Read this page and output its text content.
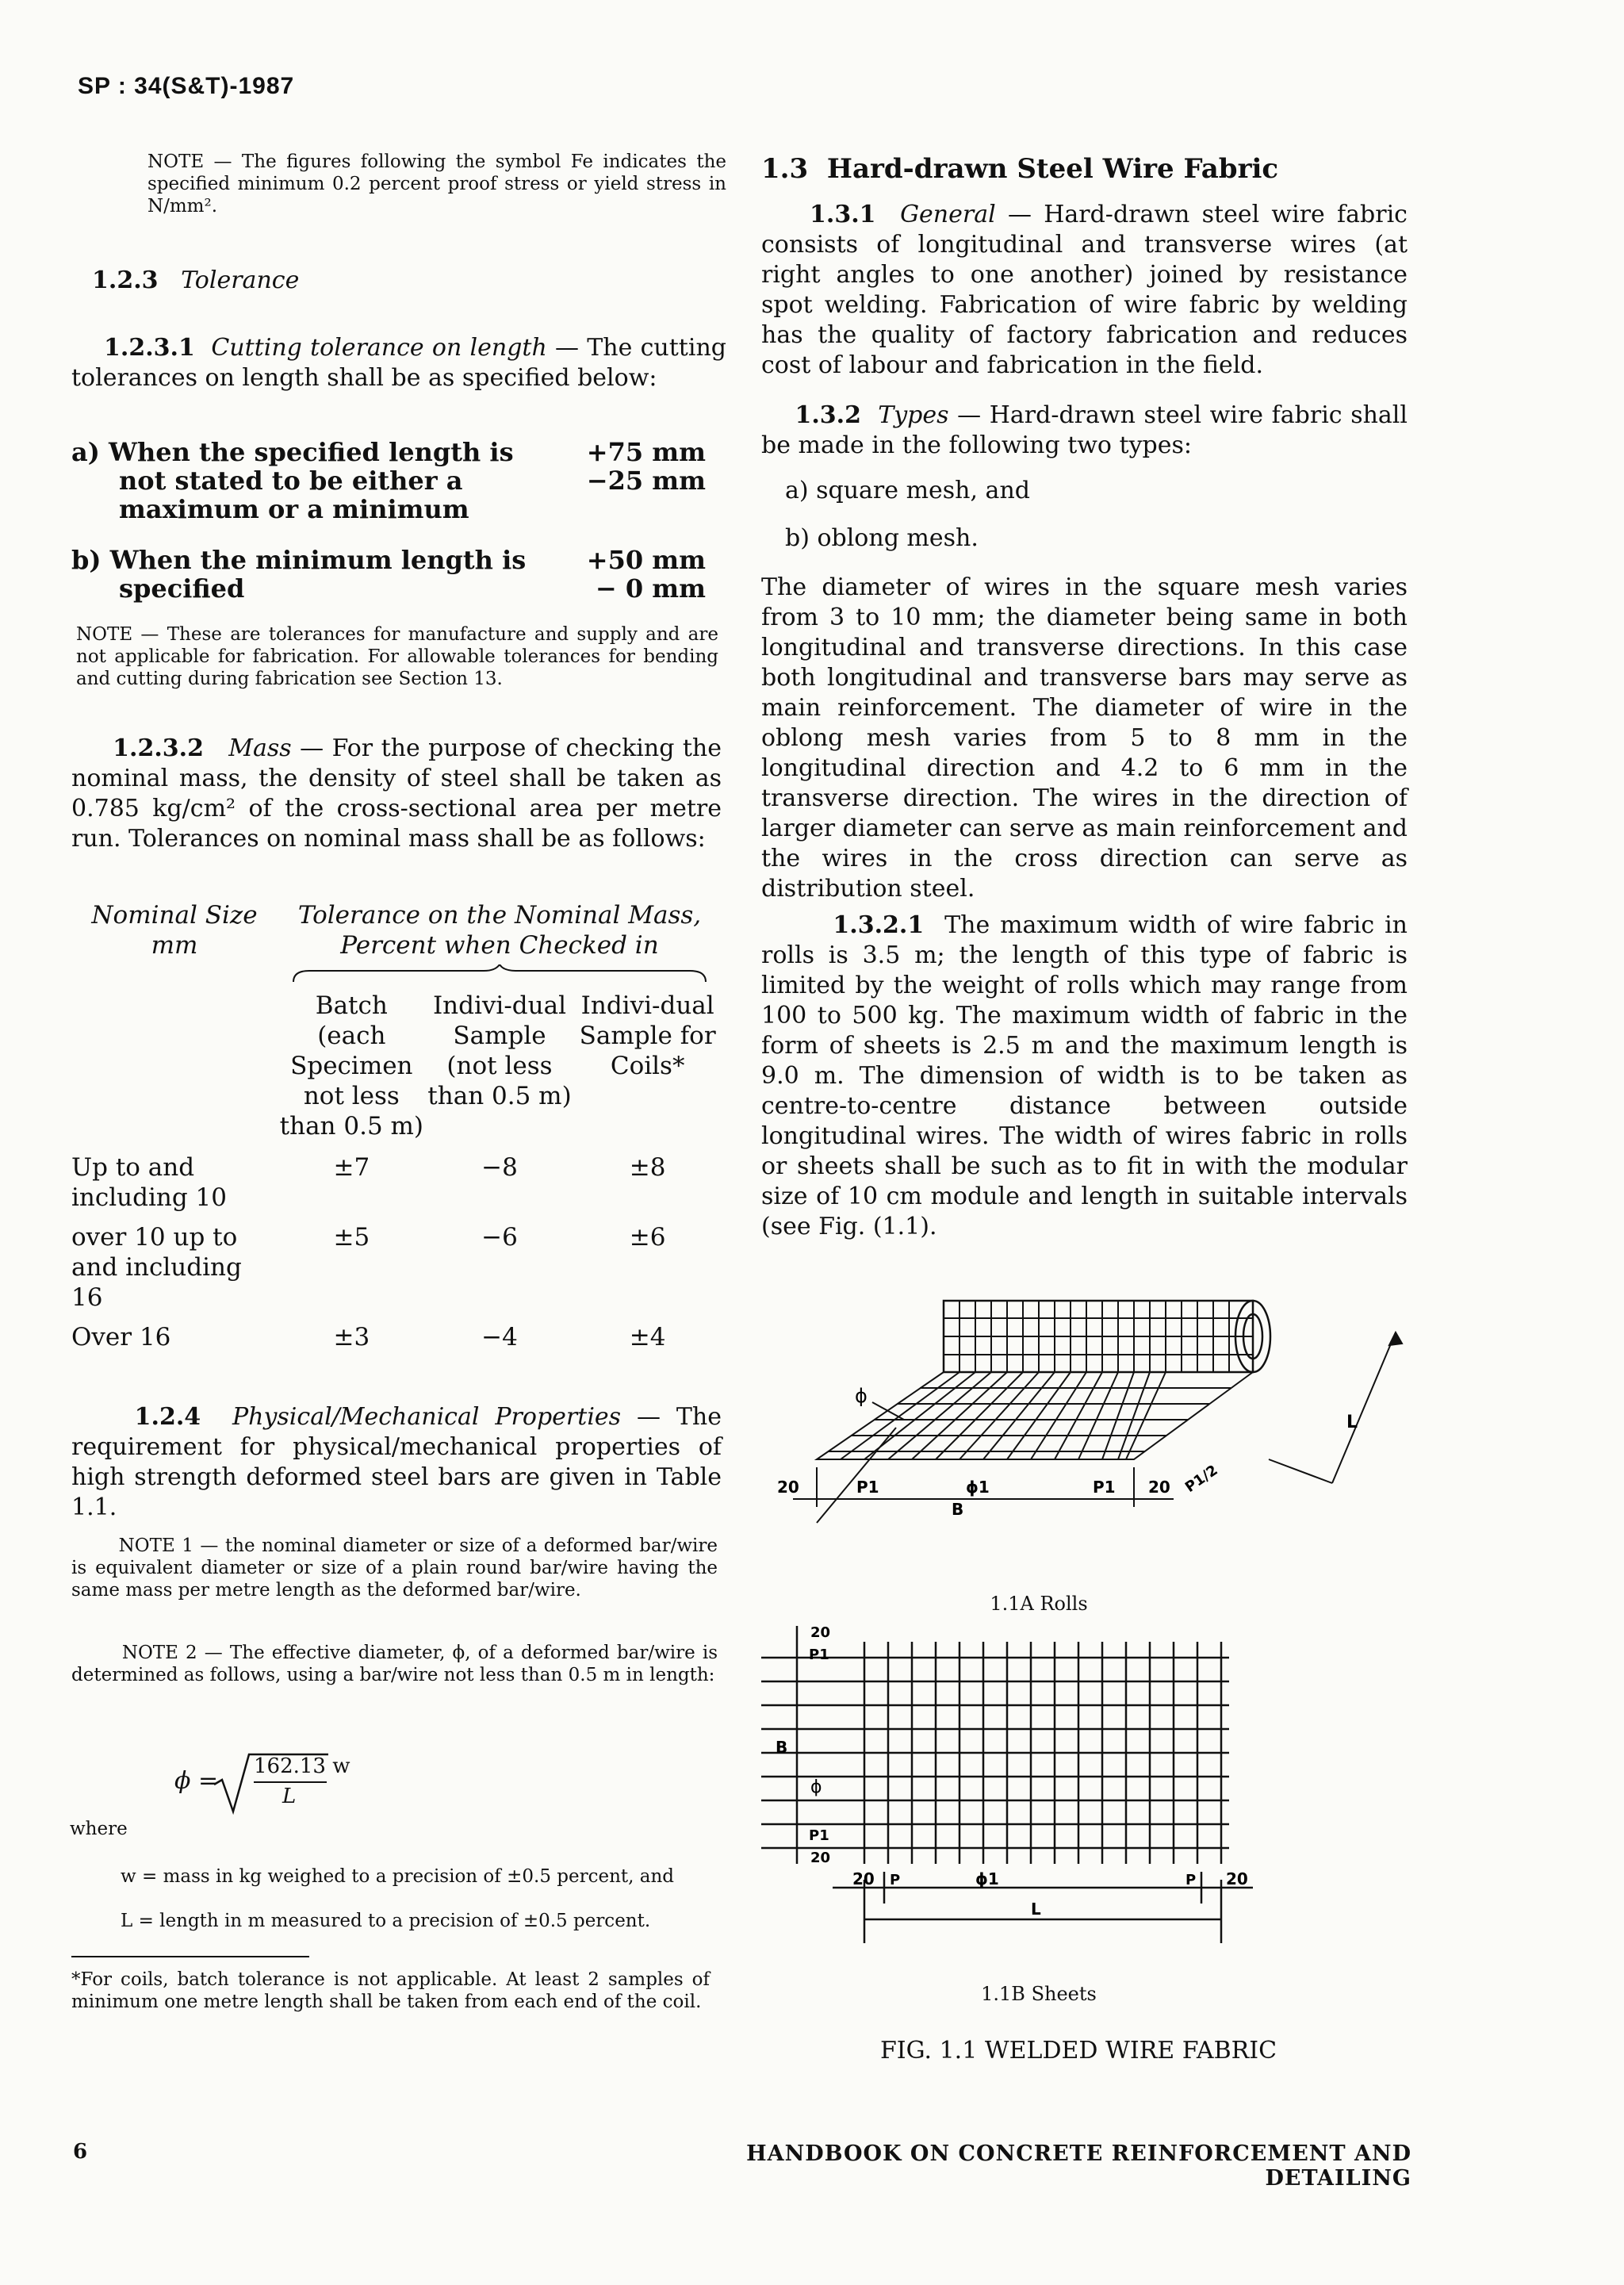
SP : 34(S&T)-1987

NOTE — The figures following the symbol Fe indicates the specified minimum 0.2 percent proof stress or yield stress in N/mm².

1.2.3 Tolerance

1.2.3.1 Cutting tolerance on length — The cutting tolerances on length shall be as specified below:

a) When the specified length is not stated to be either a maximum or a minimum
+75 mm
−25 mm
b) When the minimum length is specified
+50 mm
− 0 mm

NOTE — These are tolerances for manufacture and supply and are not applicable for fabrication. For allowable tolerances for bending and cutting during fabrication see Section 13.

1.2.3.2 Mass — For the purpose of checking the nominal mass, the density of steel shall be taken as 0.785 kg/cm² of the cross-sectional area per metre run. Tolerances on nominal mass shall be as follows:

Nominal Size mm	Tolerance on the Nominal Mass, Percent when Checked in		

	Batch (each Specimen not less than 0.5 m)	Indivi-dual Sample (not less than 0.5 m)	Indivi-dual Sample for Coils*
Up to and including 10	±7	−8	±8
over 10 up to and including 16	±5	−6	±6
Over 16	±3	−4	±4

1.2.4 Physical/Mechanical Properties — The requirement for physical/mechanical properties of high strength deformed steel bars are given in Table 1.1.

NOTE 1 — the nominal diameter or size of a deformed bar/wire is equivalent diameter or size of a plain round bar/wire having the same mass per metre length as the deformed bar/wire.

NOTE 2 — The effective diameter, ϕ, of a deformed bar/wire is determined as follows, using a bar/wire not less than 0.5 m in length:

ϕ =
162.13 w
L
where
w = mass in kg weighed to a precision of ±0.5 percent, and
L = length in m measured to a precision of ±0.5 percent.

*For coils, batch tolerance is not applicable. At least 2 samples of minimum one metre length shall be taken from each end of the coil.

1.3 Hard-drawn Steel Wire Fabric

1.3.1 General — Hard-drawn steel wire fabric consists of longitudinal and transverse wires (at right angles to one another) joined by resistance spot welding. Fabrication of wire fabric by welding has the quality of factory fabrication and reduces cost of labour and fabrication in the field.

1.3.2 Types — Hard-drawn steel wire fabric shall be made in the following two types:

a) square mesh, and
b) oblong mesh.

The diameter of wires in the square mesh varies from 3 to 10 mm; the diameter being same in both longitudinal and transverse directions. In this case both longitudinal and transverse bars may serve as main reinforcement. The diameter of wire in the oblong mesh varies from 5 to 8 mm in the longitudinal direction and 4.2 to 6 mm in the transverse direction. The wires in the direction of larger diameter can serve as main reinforcement and the wires in the cross direction can serve as distribution steel.

1.3.2.1 The maximum width of wire fabric in rolls is 3.5 m; the length of this type of fabric is limited by the weight of rolls which may range from 100 to 500 kg. The maximum width of fabric in the form of sheets is 2.5 m and the maximum length is 9.0 m. The dimension of width is to be taken as centre-to-centre distance between outside longitudinal wires. The width of wires fabric in rolls or sheets shall be such as to fit in with the modular size of 10 cm module and length in suitable intervals (see Fig. (1.1).

ϕ
20	P1	ϕ1
B
P1 20 P1/2
L
1.1A Rolls
ϕ
B
P1
P1
20
20
20 P	ϕ1	P 20
L
1.1B Sheets
FIG. 1.1 WELDED WIRE FABRIC
6	HANDBOOK ON CONCRETE REINFORCEMENT AND DETAILING
